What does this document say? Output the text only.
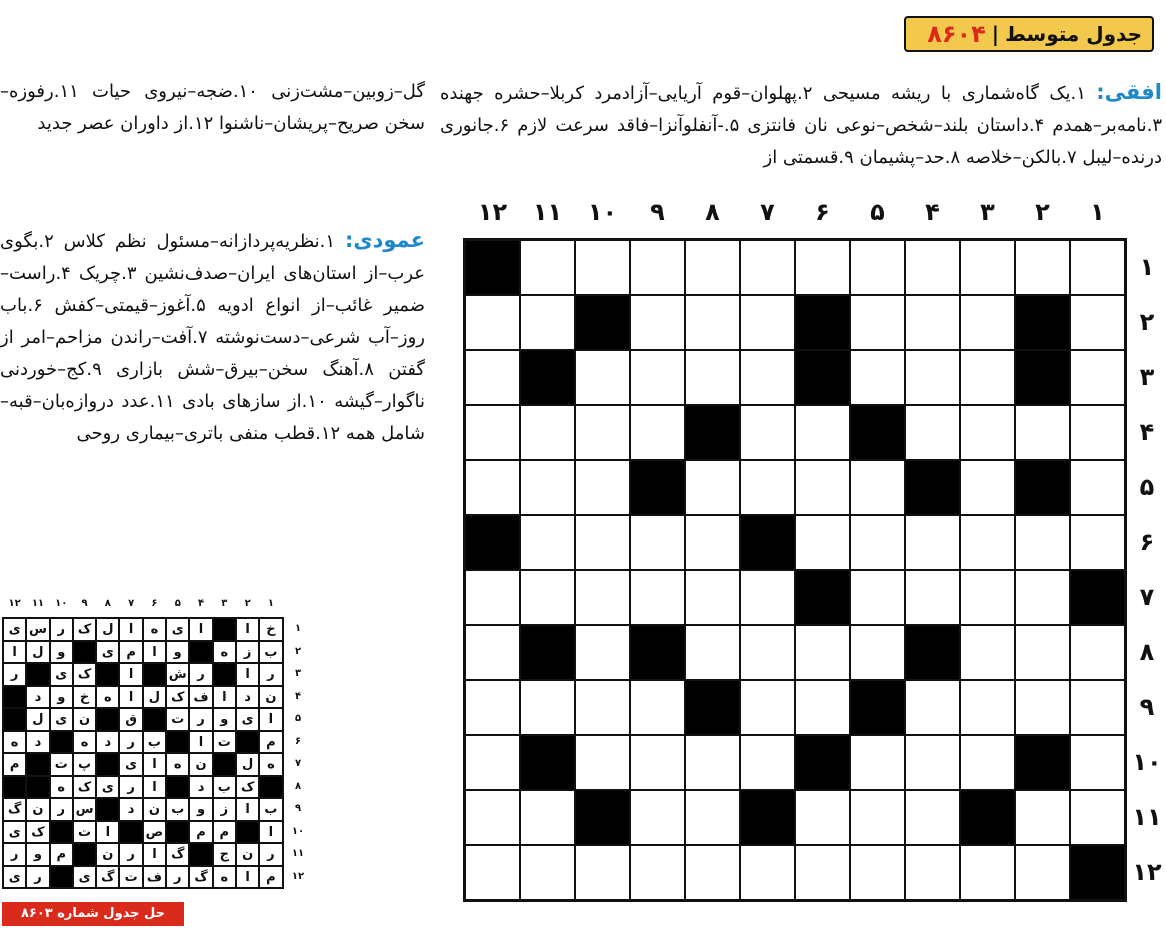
جدول متوسط
|
۸۶۰۴
افقی: ۱.یک گاه‌شماری با ریشه مسیحی ۲.پهلوان–قوم آریایی–آزادمرد کربلا–حشره جهنده ۳.نامه‌بر–همدم ۴.داستان بلند–شخص–نوعی نان فانتزی ۵.-آنفلوآنزا–فاقد سرعت لازم ۶.جانوری درنده–لیبل ۷.بالکن–خلاصه ۸.حد–پشیمان ۹.قسمتی از
گل–زوبین–مشت‌زنی ۱۰.ضجه–نیروی حیات ۱۱.رفوزه–سخن صریح–پریشان–ناشنوا ۱۲.از داوران عصر جدید
عمودی: ۱.نظریه‌پردازانه–مسئول نظم کلاس ۲.بگوی عرب–از استان‌های ایران–صدف‌نشین ۳.چریک ۴.راست–ضمیر غائب–از انواع ادویه ۵.آغوز–قیمتی–کفش ۶.باب روز–آب شرعی–دست‌نوشته ۷.آفت–راندن مزاحم–امر از گفتن ۸.آهنگ سخن–بیرق–شش بازاری ۹.کج–خوردنی ناگوار–گیشه ۱۰.از سازهای بادی ۱۱.عدد دروازه‌بان–قبه–شامل همه ۱۲.قطب منفی باتری–بیماری روحی
۱
۲
۳
۴
۵
۶
۷
۸
۹
۱۰
۱۱
۱۲
۱
۲
۳
۴
۵
۶
۷
۸
۹
۱۰
۱۱
۱۲
۱
۲
۳
۴
۵
۶
۷
۸
۹
۱۰
۱۱
۱۲
۱
۲
۳
۴
۵
۶
۷
۸
۹
۱۰
۱۱
۱۲
خ
ا
ا
ی
ه
ا
ل
ک
ر
س
ی
ب
ز
ه
و
ا
م
ی
و
ل
ا
ر
ا
ر
ش
ا
ک
ی
ر
ن
د
ا
ف
ک
ل
ا
ه
خ
و
د
ا
ی
و
ر
ت
ق
ن
ی
ل
م
ت
ا
ب
ر
د
ه
د
ه
ه
ل
ن
ه
ا
ی
پ
ت
م
ک
ب
د
ا
ر
ی
ک
ه
ب
ا
ز
و
ب
ن
د
س
ر
ن
گ
ا
م
م
ص
ا
ت
ک
ی
ر
ن
ج
گ
ا
ر
ن
م
و
ر
م
ا
ه
گ
ر
ف
ت
گ
ی
ر
ی
حل جدول شماره ۸۶۰۳
